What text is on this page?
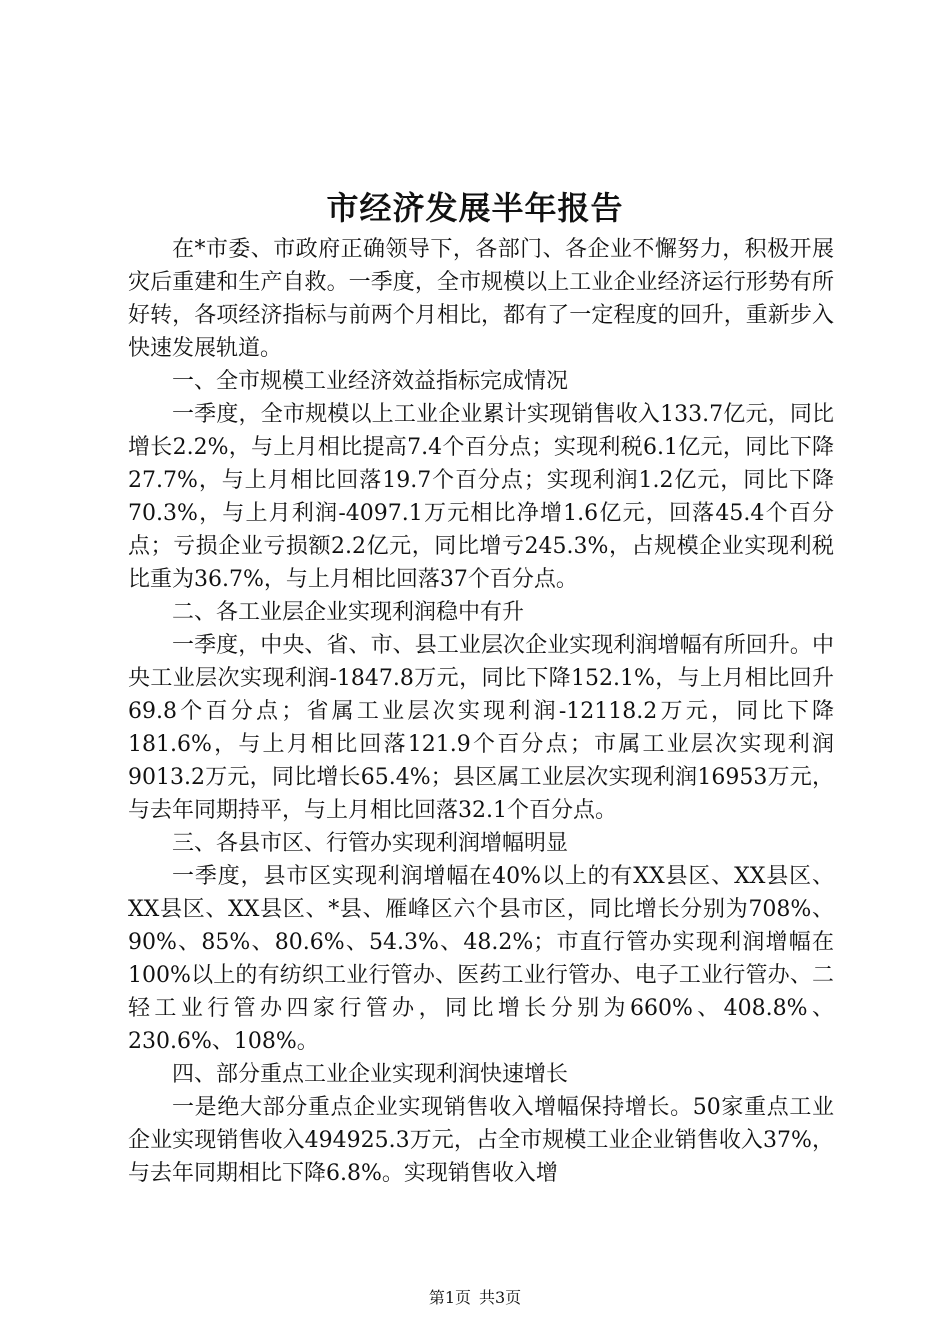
市经济发展半年报告

在*市委、市政府正确领导下，各部门、各企业不懈努力，积极开展灾后重建和生产自救。一季度，全市规模以上工业企业经济运行形势有所好转，各项经济指标与前两个月相比，都有了一定程度的回升，重新步入快速发展轨道。

一、全市规模工业经济效益指标完成情况

一季度，全市规模以上工业企业累计实现销售收入133.7亿元，同比增长2.2%，与上月相比提高7.4个百分点；实现利税6.1亿元，同比下降27.7%，与上月相比回落19.7个百分点；实现利润1.2亿元，同比下降70.3%，与上月利润-4097.1万元相比净增1.6亿元，回落45.4个百分点；亏损企业亏损额2.2亿元，同比增亏245.3%，占规模企业实现利税比重为36.7%，与上月相比回落37个百分点。

二、各工业层企业实现利润稳中有升

一季度，中央、省、市、县工业层次企业实现利润增幅有所回升。中央工业层次实现利润-1847.8万元，同比下降152.1%，与上月相比回升69.8个百分点；省属工业层次实现利润-12118.2万元，同比下降181.6%，与上月相比回落121.9个百分点；市属工业层次实现利润9013.2万元，同比增长65.4%；县区属工业层次实现利润16953万元，与去年同期持平，与上月相比回落32.1个百分点。

三、各县市区、行管办实现利润增幅明显

一季度，县市区实现利润增幅在40%以上的有XX县区、XX县区、XX县区、XX县区、*县、雁峰区六个县市区，同比增长分别为708%、90%、85%、80.6%、54.3%、48.2%；市直行管办实现利润增幅在100%以上的有纺织工业行管办、医药工业行管办、电子工业行管办、二轻工业行管办四家行管办，同比增长分别为660%、408.8%、230.6%、108%。

四、部分重点工业企业实现利润快速增长

一是绝大部分重点企业实现销售收入增幅保持增长。50家重点工业企业实现销售收入494925.3万元，占全市规模工业企业销售收入37%，与去年同期相比下降6.8%。实现销售收入增

第1页 共3页
